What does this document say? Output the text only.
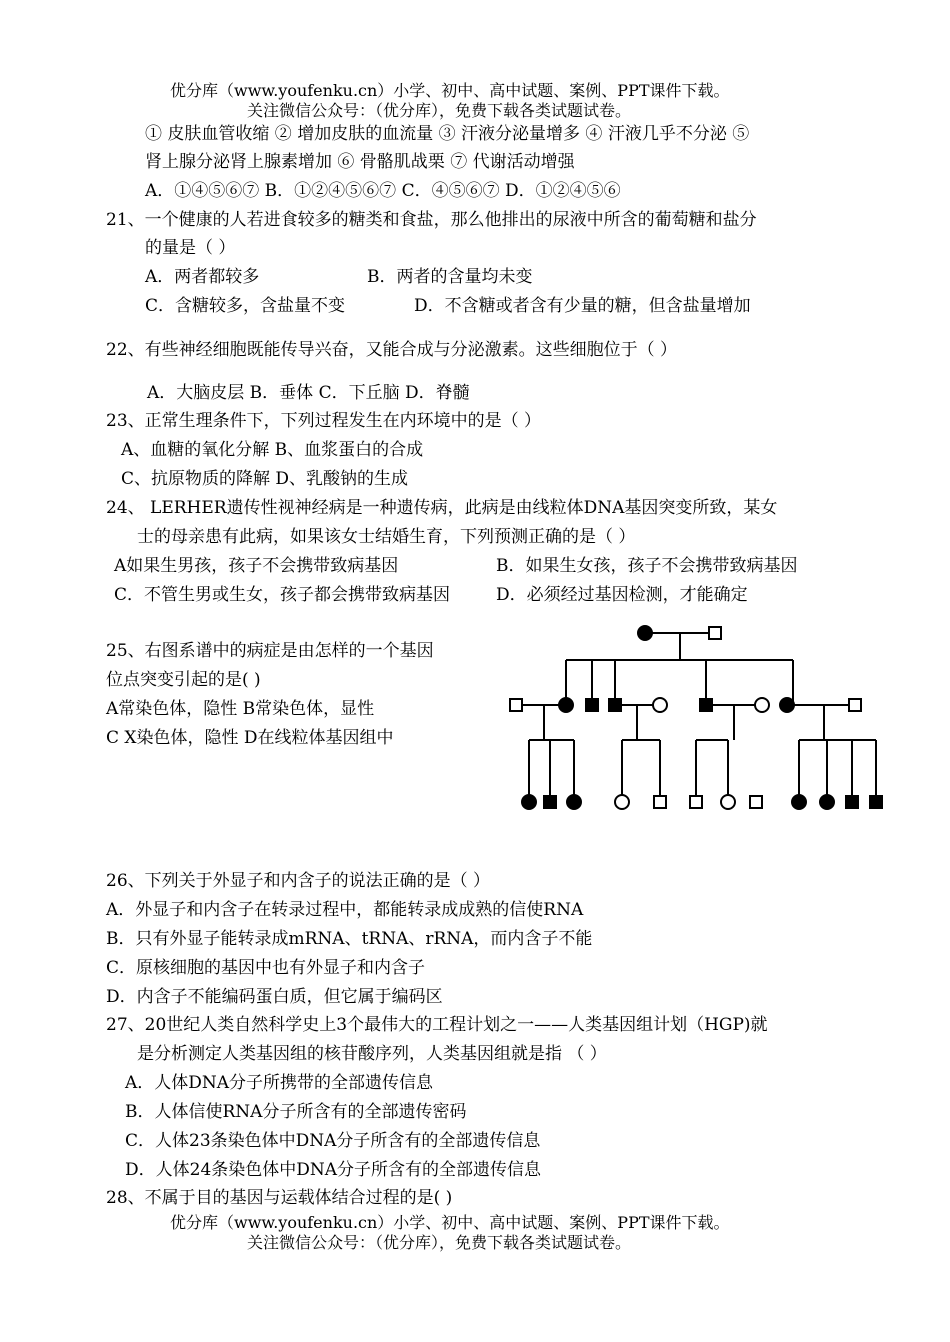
优分库（www.youfenku.cn）小学、初中、高中试题、案例、PPT课件下载。
关注微信公众号：（优分库），免费下载各类试题试卷。
① 皮肤血管收缩 ② 增加皮肤的血流量 ③ 汗液分泌量增多 ④ 汗液几乎不分泌 ⑤
肾上腺分泌肾上腺素增加 ⑥ 骨骼肌战栗 ⑦ 代谢活动增强
A．①④⑤⑥⑦ B．①②④⑤⑥⑦ C．④⑤⑥⑦ D．①②④⑤⑥
21、一个健康的人若进食较多的糖类和食盐，那么他排出的尿液中所含的葡萄糖和盐分
的量是（ ）
A．两者都较多	B．两者的含量均未变
C．含糖较多，含盐量不变	D．不含糖或者含有少量的糖，但含盐量增加
22、有些神经细胞既能传导兴奋，又能合成与分泌激素。这些细胞位于（ ）
A．大脑皮层 B．垂体 C．下丘脑 D．脊髓
23、正常生理条件下，下列过程发生在内环境中的是（ ）
A、血糖的氧化分解 B、血浆蛋白的合成
C、抗原物质的降解 D、乳酸钠的生成
24、 LERHER遗传性视神经病是一种遗传病，此病是由线粒体DNA基因突变所致，某女
士的母亲患有此病，如果该女士结婚生育，下列预测正确的是（ ）
A如果生男孩，孩子不会携带致病基因	B．如果生女孩，孩子不会携带致病基因
C．不管生男或生女，孩子都会携带致病基因	D．必须经过基因检测，才能确定
25、右图系谱中的病症是由怎样的一个基因
位点突变引起的是( )
A常染色体，隐性 B常染色体，显性
C X染色体，隐性 D在线粒体基因组中
26、下列关于外显子和内含子的说法正确的是（ ）
A．外显子和内含子在转录过程中，都能转录成成熟的信使RNA
B．只有外显子能转录成mRNA、tRNA、rRNA，而内含子不能
C．原核细胞的基因中也有外显子和内含子
D．内含子不能编码蛋白质，但它属于编码区
27、20世纪人类自然科学史上3个最伟大的工程计划之一——人类基因组计划（HGP)就
是分析测定人类基因组的核苷酸序列，人类基因组就是指 （ ）
A．人体DNA分子所携带的全部遗传信息
B．人体信使RNA分子所含有的全部遗传密码
C．人体23条染色体中DNA分子所含有的全部遗传信息
D．人体24条染色体中DNA分子所含有的全部遗传信息
28、不属于目的基因与运载体结合过程的是( )
优分库（www.youfenku.cn）小学、初中、高中试题、案例、PPT课件下载。
关注微信公众号：（优分库），免费下载各类试题试卷。
